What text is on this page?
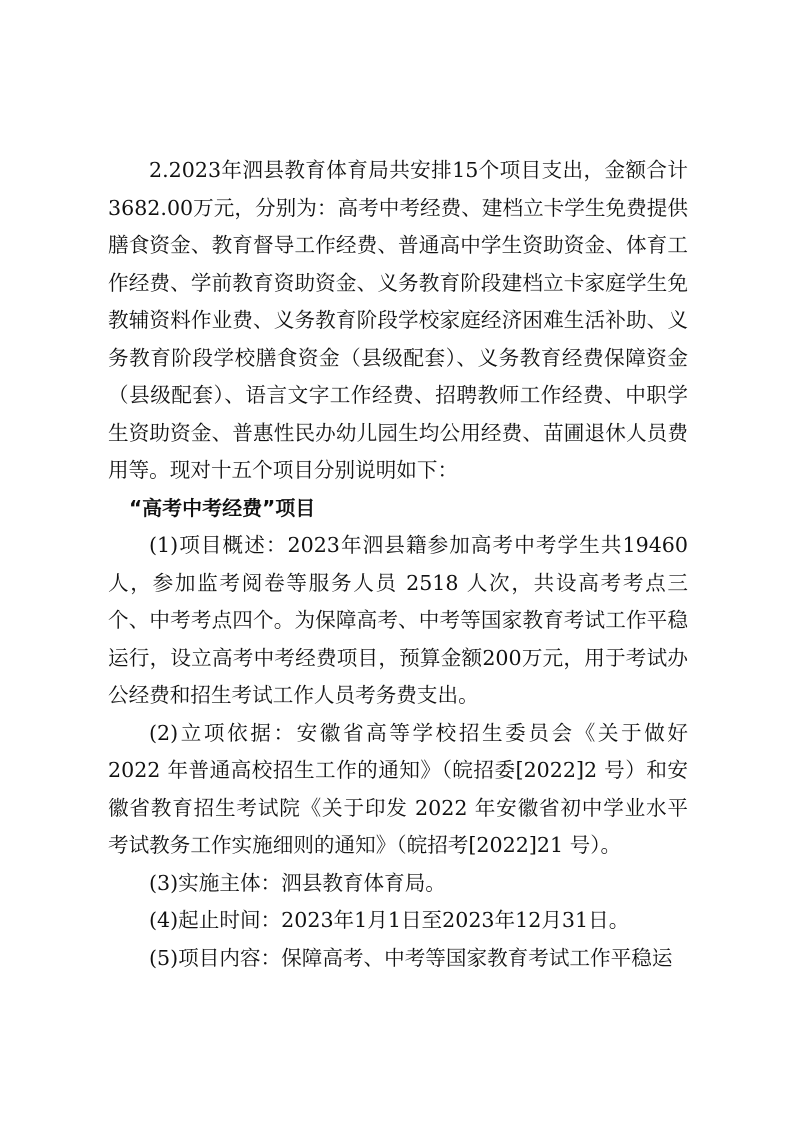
2.2023年泗县教育体育局共安排15个项目支出，金额合计3682.00万元，分别为：高考中考经费、建档立卡学生免费提供膳食资金、教育督导工作经费、普通高中学生资助资金、体育工作经费、学前教育资助资金、义务教育阶段建档立卡家庭学生免教辅资料作业费、义务教育阶段学校家庭经济困难生活补助、义务教育阶段学校膳食资金（县级配套）、义务教育经费保障资金（县级配套）、语言文字工作经费、招聘教师工作经费、中职学生资助资金、普惠性民办幼儿园生均公用经费、苗圃退休人员费用等。现对十五个项目分别说明如下：

“高考中考经费”项目

(1)项目概述：2023年泗县籍参加高考中考学生共19460人，参加监考阅卷等服务人员 2518 人次，共设高考考点三个、中考考点四个。为保障高考、中考等国家教育考试工作平稳运行，设立高考中考经费项目，预算金额200万元，用于考试办公经费和招生考试工作人员考务费支出。

(2)立项依据：安徽省高等学校招生委员会《关于做好 2022 年普通高校招生工作的通知》（皖招委[2022]2 号）和安徽省教育招生考试院《关于印发 2022 年安徽省初中学业水平考试教务工作实施细则的通知》（皖招考[2022]21 号）。

(3)实施主体：泗县教育体育局。

(4)起止时间：2023年1月1日至2023年12月31日。

(5)项目内容：保障高考、中考等国家教育考试工作平稳运
